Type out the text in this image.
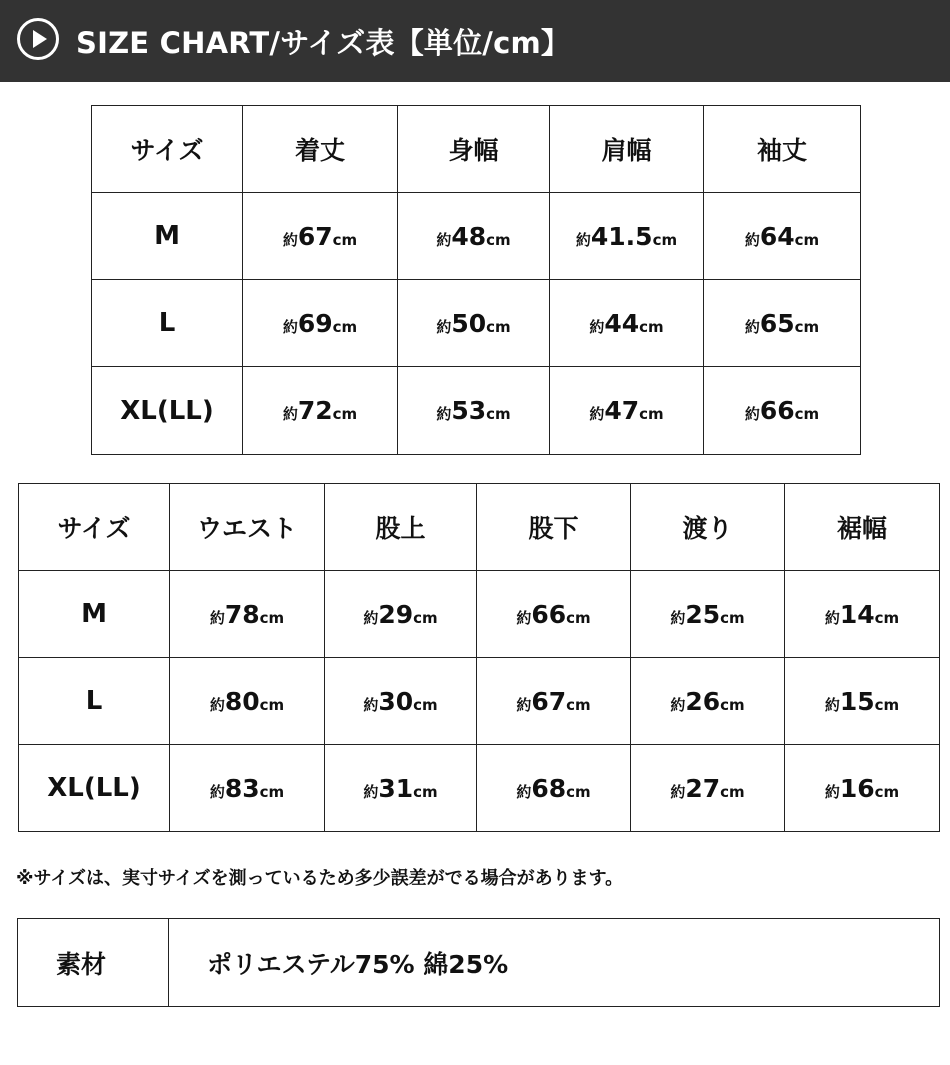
SIZE CHART/サイズ表【単位/cm】
サイズ	着丈	身幅	肩幅	袖丈
M	約67cm	約48cm	約41.5cm	約64cm
L	約69cm	約50cm	約44cm	約65cm
XL(LL)	約72cm	約53cm	約47cm	約66cm
サイズ	ウエスト	股上	股下	渡り	裾幅
M	約78cm	約29cm	約66cm	約25cm	約14cm
L	約80cm	約30cm	約67cm	約26cm	約15cm
XL(LL)	約83cm	約31cm	約68cm	約27cm	約16cm
※サイズは、実寸サイズを測っているため多少誤差がでる場合があります。
素材	ポリエステル75% 綿25%
